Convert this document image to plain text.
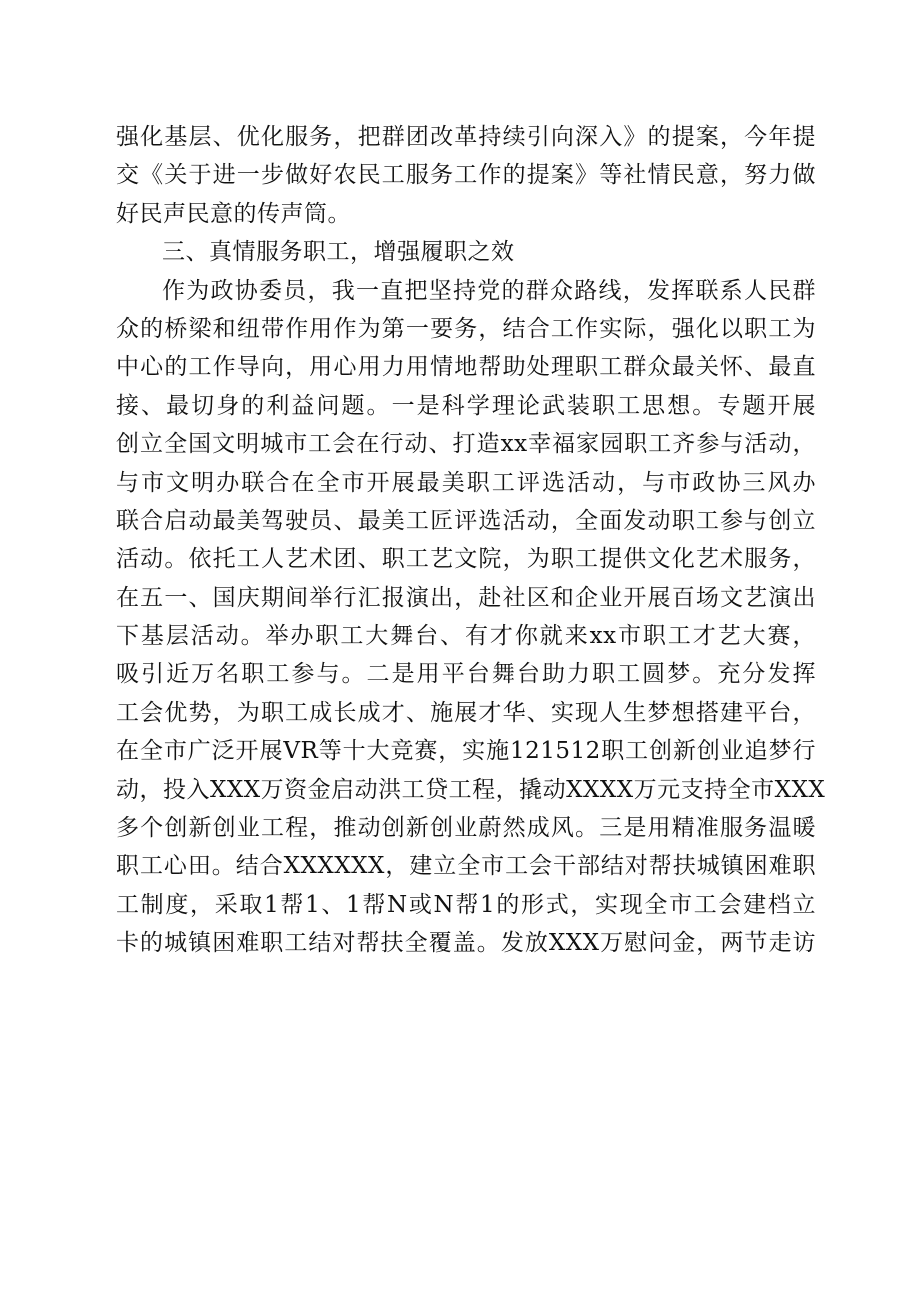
强化基层、优化服务，把群团改革持续引向深入》的提案，今年提
交《关于进一步做好农民工服务工作的提案》等社情民意，努力做
好民声民意的传声筒。
三、真情服务职工，增强履职之效
作为政协委员，我一直把坚持党的群众路线，发挥联系人民群
众的桥梁和纽带作用作为第一要务，结合工作实际，强化以职工为
中心的工作导向，用心用力用情地帮助处理职工群众最关怀、最直
接、最切身的利益问题。一是科学理论武装职工思想。专题开展
创立全国文明城市工会在行动、打造xx幸福家园职工齐参与活动，
与市文明办联合在全市开展最美职工评选活动，与市政协三风办
联合启动最美驾驶员、最美工匠评选活动，全面发动职工参与创立
活动。依托工人艺术团、职工艺文院，为职工提供文化艺术服务，
在五一、国庆期间举行汇报演出，赴社区和企业开展百场文艺演出
下基层活动。举办职工大舞台、有才你就来xx市职工才艺大赛，
吸引近万名职工参与。二是用平台舞台助力职工圆梦。充分发挥
工会优势，为职工成长成才、施展才华、实现人生梦想搭建平台，
在全市广泛开展VR等十大竞赛，实施121512职工创新创业追梦行
动，投入XXX万资金启动洪工贷工程，撬动XXXX万元支持全市XXX
多个创新创业工程，推动创新创业蔚然成风。三是用精准服务温暖
职工心田。结合XXXXXX，建立全市工会干部结对帮扶城镇困难职
工制度，采取1帮1、1帮N或N帮1的形式，实现全市工会建档立
卡的城镇困难职工结对帮扶全覆盖。发放XXX万慰问金，两节走访
